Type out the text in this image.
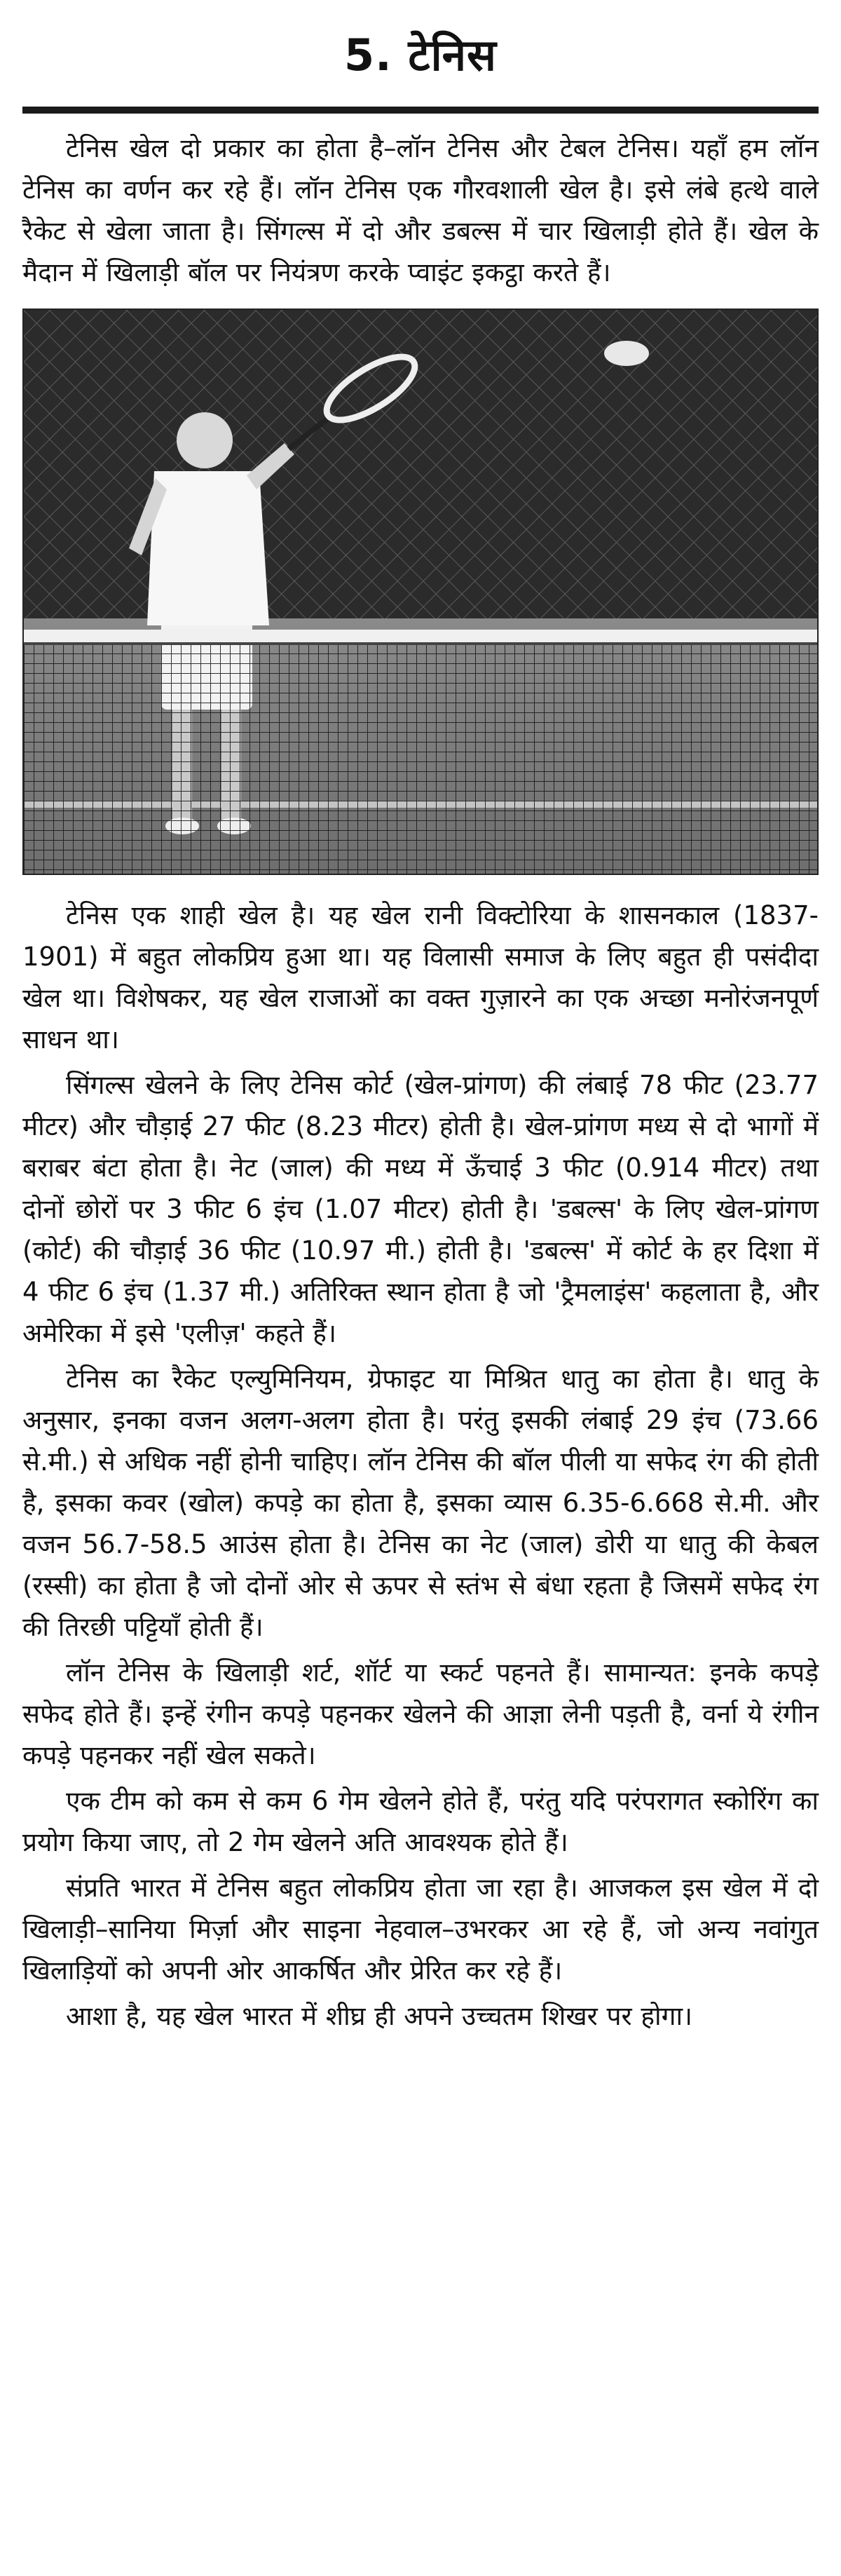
5. टेनिस

टेनिस खेल दो प्रकार का होता है–लॉन टेनिस और टेबल टेनिस। यहाँ हम लॉन टेनिस का वर्णन कर रहे हैं। लॉन टेनिस एक गौरवशाली खेल है। इसे लंबे हत्थे वाले रैकेट से खेला जाता है। सिंगल्स में दो और डबल्स में चार खिलाड़ी होते हैं। खेल के मैदान में खिलाड़ी बॉल पर नियंत्रण करके प्वाइंट इकट्ठा करते हैं।

टेनिस एक शाही खेल है। यह खेल रानी विक्टोरिया के शासनकाल (1837-1901) में बहुत लोकप्रिय हुआ था। यह विलासी समाज के लिए बहुत ही पसंदीदा खेल था। विशेषकर, यह खेल राजाओं का वक्त गुज़ारने का एक अच्छा मनोरंजनपूर्ण साधन था।

सिंगल्स खेलने के लिए टेनिस कोर्ट (खेल-प्रांगण) की लंबाई 78 फीट (23.77 मीटर) और चौड़ाई 27 फीट (8.23 मीटर) होती है। खेल-प्रांगण मध्य से दो भागों में बराबर बंटा होता है। नेट (जाल) की मध्य में ऊँचाई 3 फीट (0.914 मीटर) तथा दोनों छोरों पर 3 फीट 6 इंच (1.07 मीटर) होती है। 'डबल्स' के लिए खेल-प्रांगण (कोर्ट) की चौड़ाई 36 फीट (10.97 मी.) होती है। 'डबल्स' में कोर्ट के हर दिशा में 4 फीट 6 इंच (1.37 मी.) अतिरिक्त स्थान होता है जो 'ट्रैमलाइंस' कहलाता है, और अमेरिका में इसे 'एलीज़' कहते हैं।

टेनिस का रैकेट एल्युमिनियम, ग्रेफाइट या मिश्रित धातु का होता है। धातु के अनुसार, इनका वजन अलग-अलग होता है। परंतु इसकी लंबाई 29 इंच (73.66 से.मी.) से अधिक नहीं होनी चाहिए। लॉन टेनिस की बॉल पीली या सफेद रंग की होती है, इसका कवर (खोल) कपड़े का होता है, इसका व्यास 6.35-6.668 से.मी. और वजन 56.7-58.5 आउंस होता है। टेनिस का नेट (जाल) डोरी या धातु की केबल (रस्सी) का होता है जो दोनों ओर से ऊपर से स्तंभ से बंधा रहता है जिसमें सफेद रंग की तिरछी पट्टियाँ होती हैं।

लॉन टेनिस के खिलाड़ी शर्ट, शॉर्ट या स्कर्ट पहनते हैं। सामान्यत: इनके कपड़े सफेद होते हैं। इन्हें रंगीन कपड़े पहनकर खेलने की आज्ञा लेनी पड़ती है, वर्ना ये रंगीन कपड़े पहनकर नहीं खेल सकते।

एक टीम को कम से कम 6 गेम खेलने होते हैं, परंतु यदि परंपरागत स्कोरिंग का प्रयोग किया जाए, तो 2 गेम खेलने अति आवश्यक होते हैं।

संप्रति भारत में टेनिस बहुत लोकप्रिय होता जा रहा है। आजकल इस खेल में दो खिलाड़ी–सानिया मिर्ज़ा और साइना नेहवाल–उभरकर आ रहे हैं, जो अन्य नवांगुत खिलाड़ियों को अपनी ओर आकर्षित और प्रेरित कर रहे हैं।

आशा है, यह खेल भारत में शीघ्र ही अपने उच्चतम शिखर पर होगा।
